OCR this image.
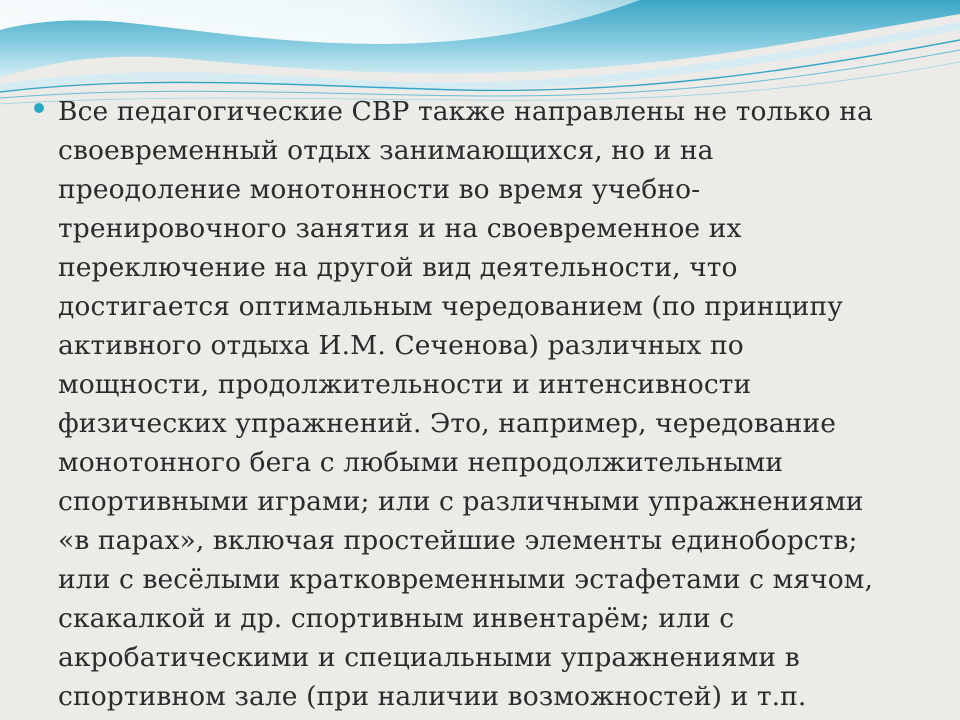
Все педагогические СВР также направлены не только на
своевременный отдых занимающихся, но и на
преодоление монотонности во время учебно-
тренировочного занятия и на своевременное их
переключение на другой вид деятельности, что
достигается оптимальным чередованием (по принципу
активного отдыха И.М. Сеченова) различных по
мощности, продолжительности и интенсивности
физических упражнений. Это, например, чередование
монотонного бега с любыми непродолжительными
спортивными играми; или с различными упражнениями
«в парах», включая простейшие элементы единоборств;
или с весёлыми кратковременными эстафетами с мячом,
скакалкой и др. спортивным инвентарём; или с
акробатическими и специальными упражнениями в
спортивном зале (при наличии возможностей) и т.п.
